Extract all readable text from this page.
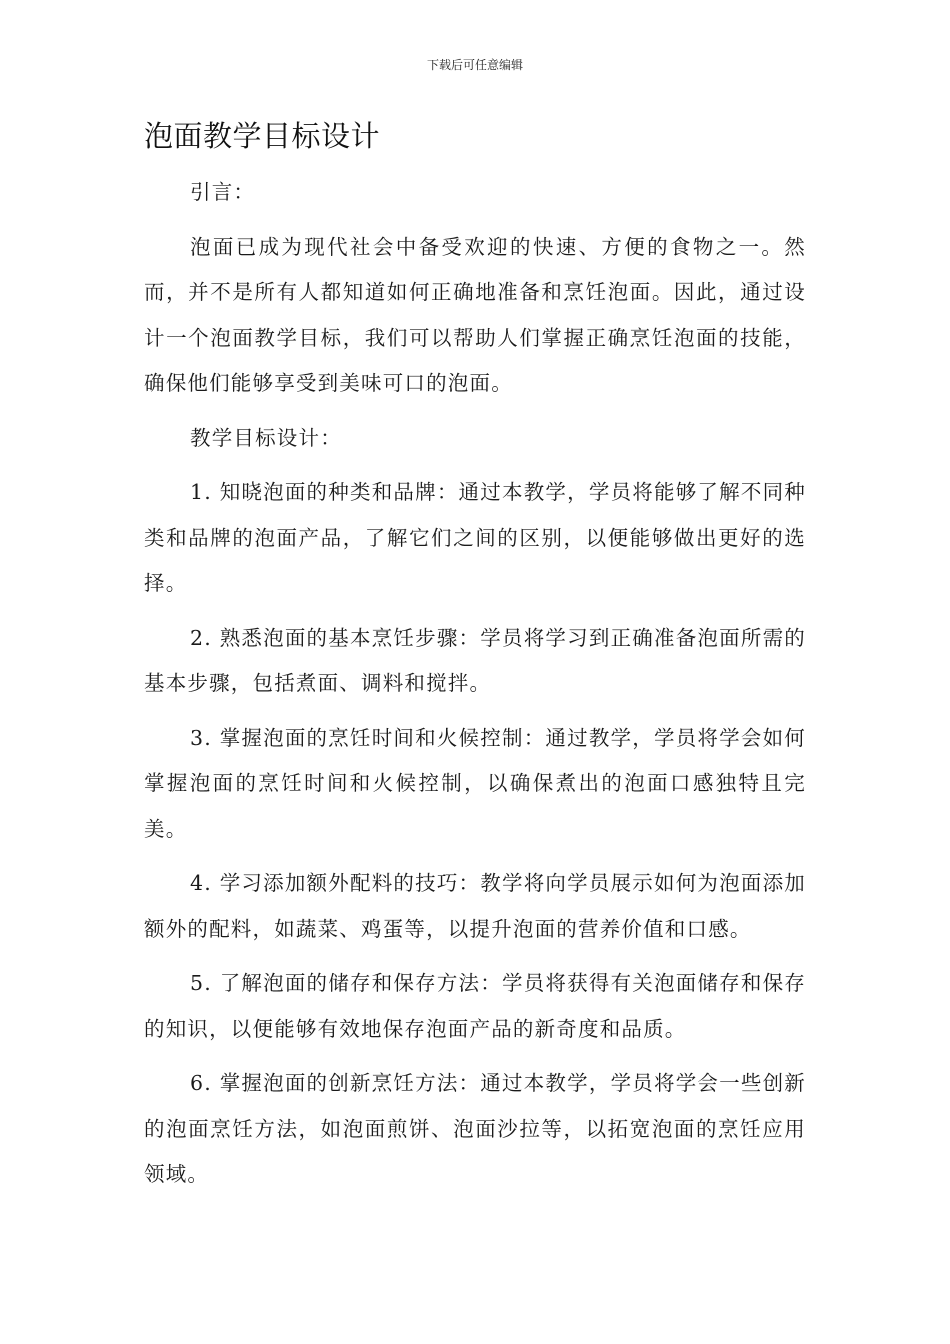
下载后可任意编辑
泡面教学目标设计

引言：

泡面已成为现代社会中备受欢迎的快速、方便的食物之一。然而，并不是所有人都知道如何正确地准备和烹饪泡面。因此，通过设计一个泡面教学目标，我们可以帮助人们掌握正确烹饪泡面的技能，确保他们能够享受到美味可口的泡面。

教学目标设计：

1. 知晓泡面的种类和品牌：通过本教学，学员将能够了解不同种类和品牌的泡面产品，了解它们之间的区别，以便能够做出更好的选择。

2. 熟悉泡面的基本烹饪步骤：学员将学习到正确准备泡面所需的基本步骤，包括煮面、调料和搅拌。

3. 掌握泡面的烹饪时间和火候控制：通过教学，学员将学会如何掌握泡面的烹饪时间和火候控制，以确保煮出的泡面口感独特且完美。

4. 学习添加额外配料的技巧：教学将向学员展示如何为泡面添加额外的配料，如蔬菜、鸡蛋等，以提升泡面的营养价值和口感。

5. 了解泡面的储存和保存方法：学员将获得有关泡面储存和保存的知识，以便能够有效地保存泡面产品的新奇度和品质。

6. 掌握泡面的创新烹饪方法：通过本教学，学员将学会一些创新的泡面烹饪方法，如泡面煎饼、泡面沙拉等，以拓宽泡面的烹饪应用领域。
